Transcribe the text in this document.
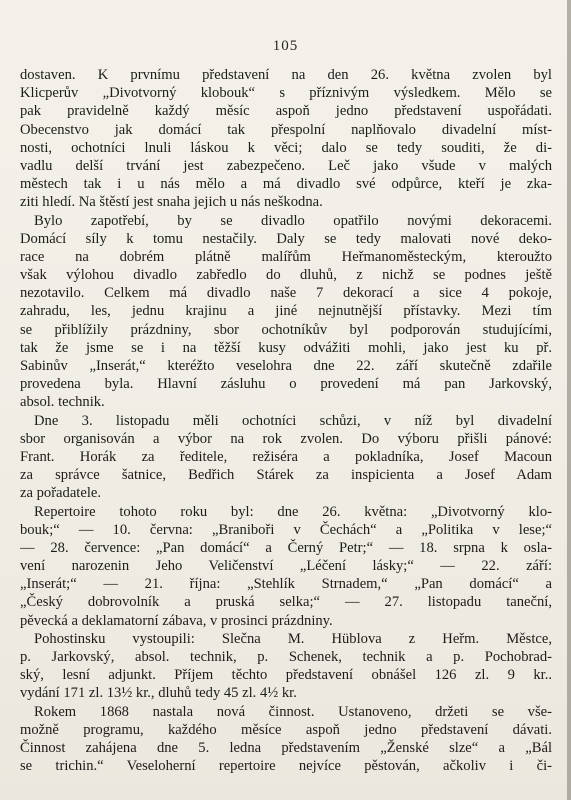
105
dostaven. K prvnímu představení na den 26. května zvolen byl
Klicperův „Divotvorný klobouk“ s příznivým výsledkem. Mělo se
pak pravidelně každý měsíc aspoň jedno představení uspořádati.
Obecenstvo jak domácí tak přespolní naplňovalo divadelní míst-
nosti, ochotníci lnuli láskou k věci; dalo se tedy souditi, že di-
vadlu delší trvání jest zabezpečeno. Leč jako všude v malých
městech tak i u nás mělo a má divadlo své odpůrce, kteří je zka-
ziti hledí. Na štěstí jest snaha jejich u nás neškodna.
Bylo zapotřebí, by se divadlo opatřilo novými dekoracemi.
Domácí síly k tomu nestačily. Daly se tedy malovati nové deko-
race na dobrém plátně malířům Heřmanoměsteckým, kteroužto
však výlohou divadlo zabředlo do dluhů, z nichž se podnes ještě
nezotavilo. Celkem má divadlo naše 7 dekorací a sice 4 pokoje,
zahradu, les, jednu krajinu a jiné nejnutnější přístavky. Mezi tím
se přiblížily prázdniny, sbor ochotníkův byl podporován studujícími,
tak že jsme se i na těžší kusy odvážiti mohli, jako jest ku př.
Sabinův „Inserát,“ kteréžto veselohra dne 22. září skutečně zdařile
provedena byla. Hlavní zásluhu o provedení má pan Jarkovský,
absol. technik.
Dne 3. listopadu měli ochotníci schůzi, v níž byl divadelní
sbor organisován a výbor na rok zvolen. Do výboru přišli pánové:
Frant. Horák za ředitele, režiséra a pokladníka, Josef Macoun
za správce šatnice, Bedřich Stárek za inspicienta a Josef Adam
za pořadatele.
Repertoire tohoto roku byl: dne 26. května: „Divotvorný klo-
bouk;“ — 10. června: „Braniboři v Čechách“ a „Politika v lese;“
— 28. července: „Pan domácí“ a Černý Petr;“ — 18. srpna k osla-
vení narozenin Jeho Veličenství „Léčení lásky;“ — 22. září:
„Inserát;“ — 21. října: „Stehlík Strnadem,“ „Pan domácí“ a
„Český dobrovolník a pruská selka;“ — 27. listopadu taneční,
pěvecká a deklamatorní zábava, v prosinci prázdniny.
Pohostinsku vystoupili: Slečna M. Hüblova z Heřm. Městce,
p. Jarkovský, absol. technik, p. Schenek, technik a p. Pochobrad-
ský, lesní adjunkt. Příjem těchto představení obnášel 126 zl. 9 kr..
vydání 171 zl. 13½ kr., dluhů tedy 45 zl. 4½ kr.
Rokem 1868 nastala nová činnost. Ustanoveno, držeti se vše-
možně programu, každého měsíce aspoň jedno představení dávati.
Činnost zahájena dne 5. ledna představením „Ženské slze“ a „Bál
se trichin.“ Veseloherní repertoire nejvíce pěstován, ačkoliv i či-
